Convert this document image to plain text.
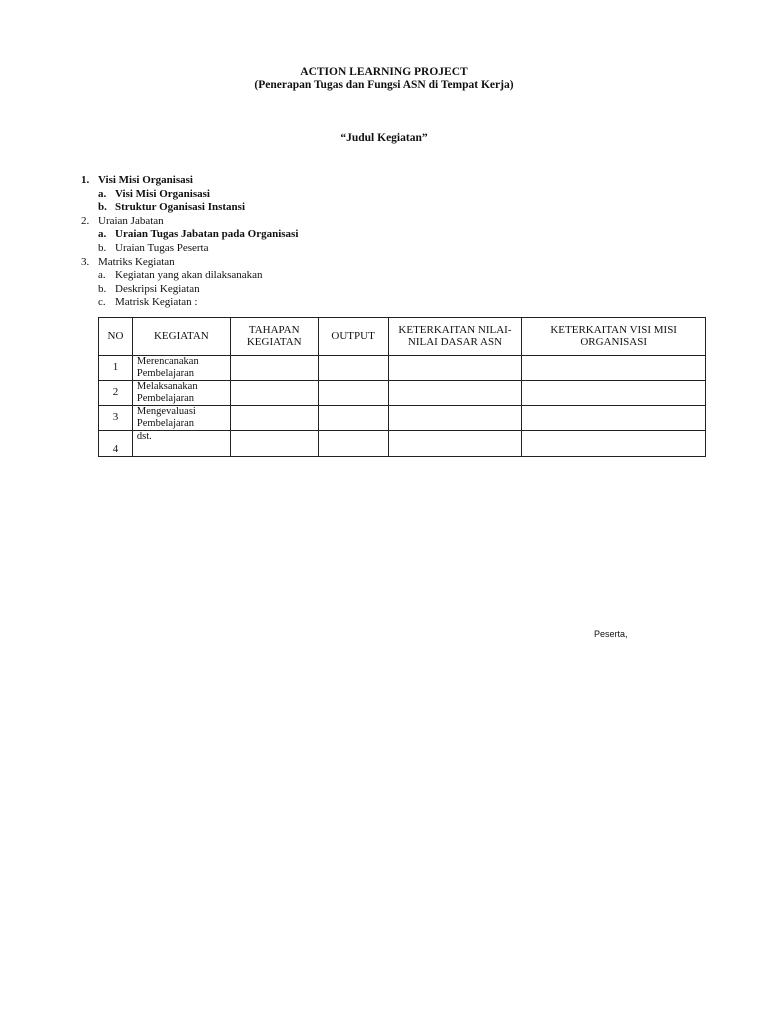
ACTION LEARNING PROJECT
(Penerapan Tugas dan Fungsi ASN di Tempat Kerja)
“Judul Kegiatan”
1. Visi Misi Organisasi
a. Visi Misi Organisasi
b. Struktur Oganisasi Instansi
2. Uraian Jabatan
a. Uraian Tugas Jabatan pada Organisasi
b. Uraian Tugas Peserta
3. Matriks Kegiatan
a. Kegiatan yang akan dilaksanakan
b. Deskripsi Kegiatan
c. Matrisk Kegiatan :
NO	KEGIATAN	TAHAPAN KEGIATAN	OUTPUT	KETERKAITAN NILAI-NILAI DASAR ASN	KETERKAITAN VISI MISI ORGANISASI
1	Merencanakan Pembelajaran				
2	Melaksanakan Pembelajaran				
3	Mengevaluasi Pembelajaran				
4	dst.				
Peserta,
